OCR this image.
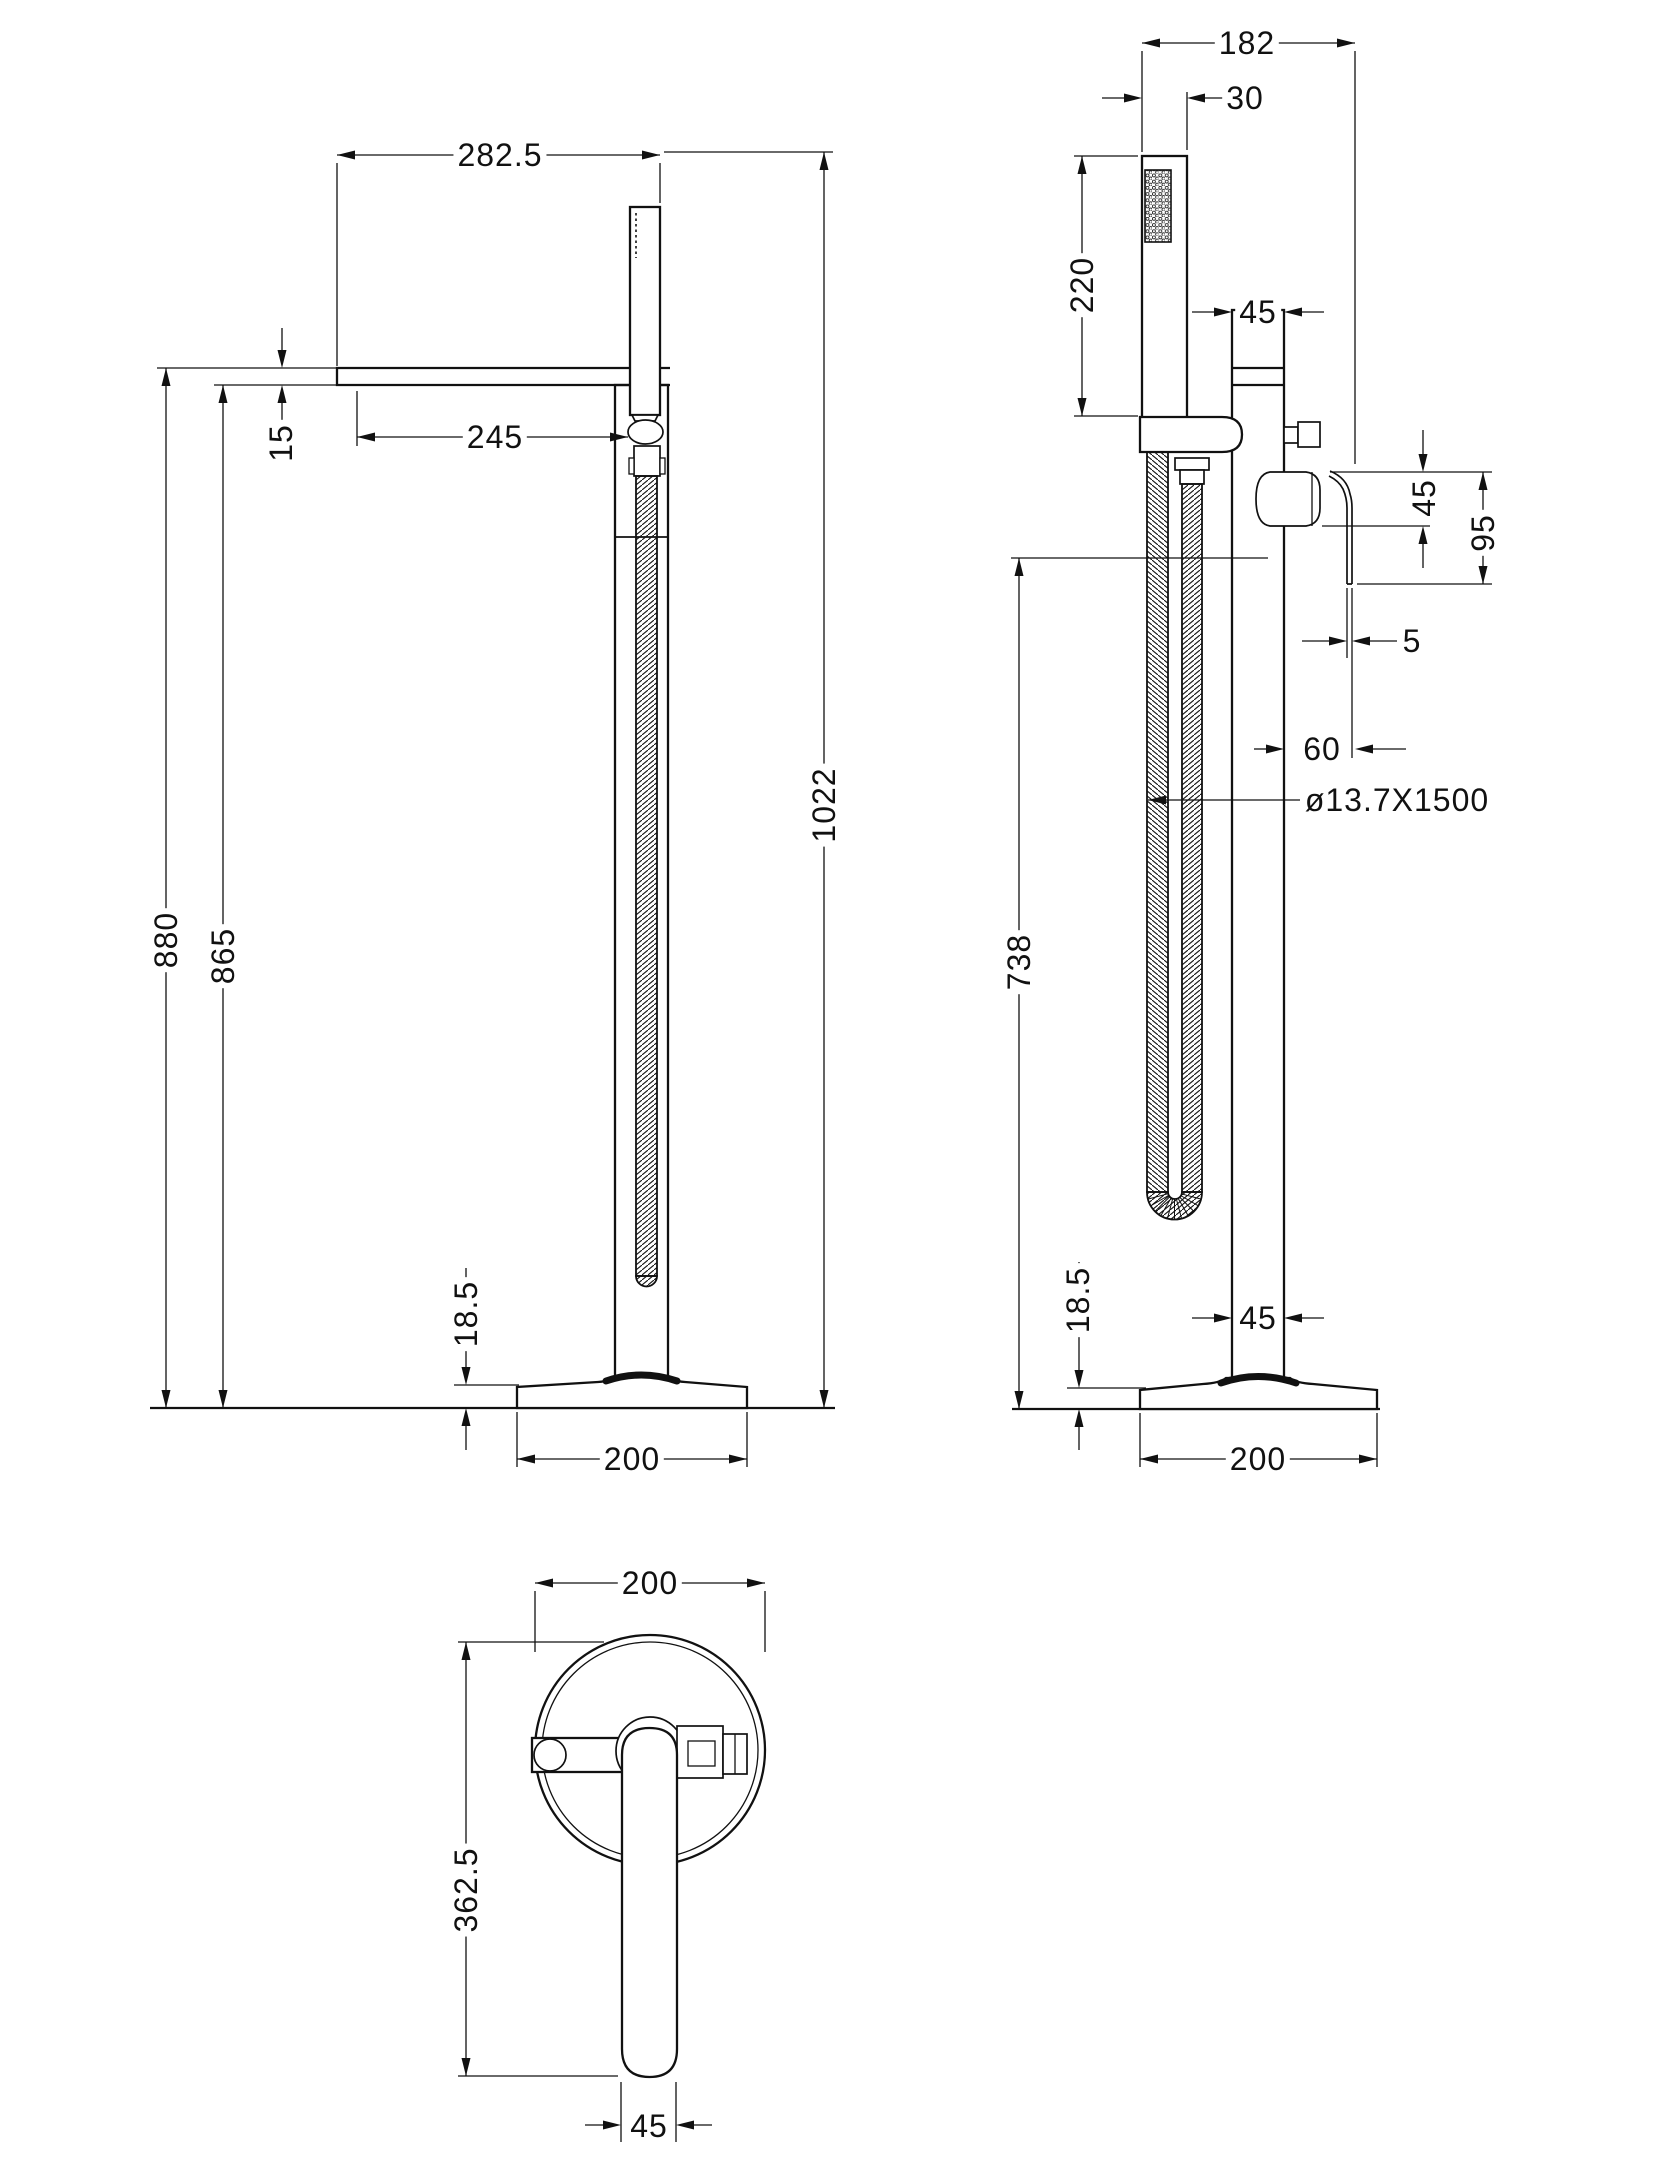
282.5
15	245
880 865
1022
18.5
200
182
30
220	45
45
95
5
60
ø13.7X1500
738
18.5	45
200
200
362.5
45
